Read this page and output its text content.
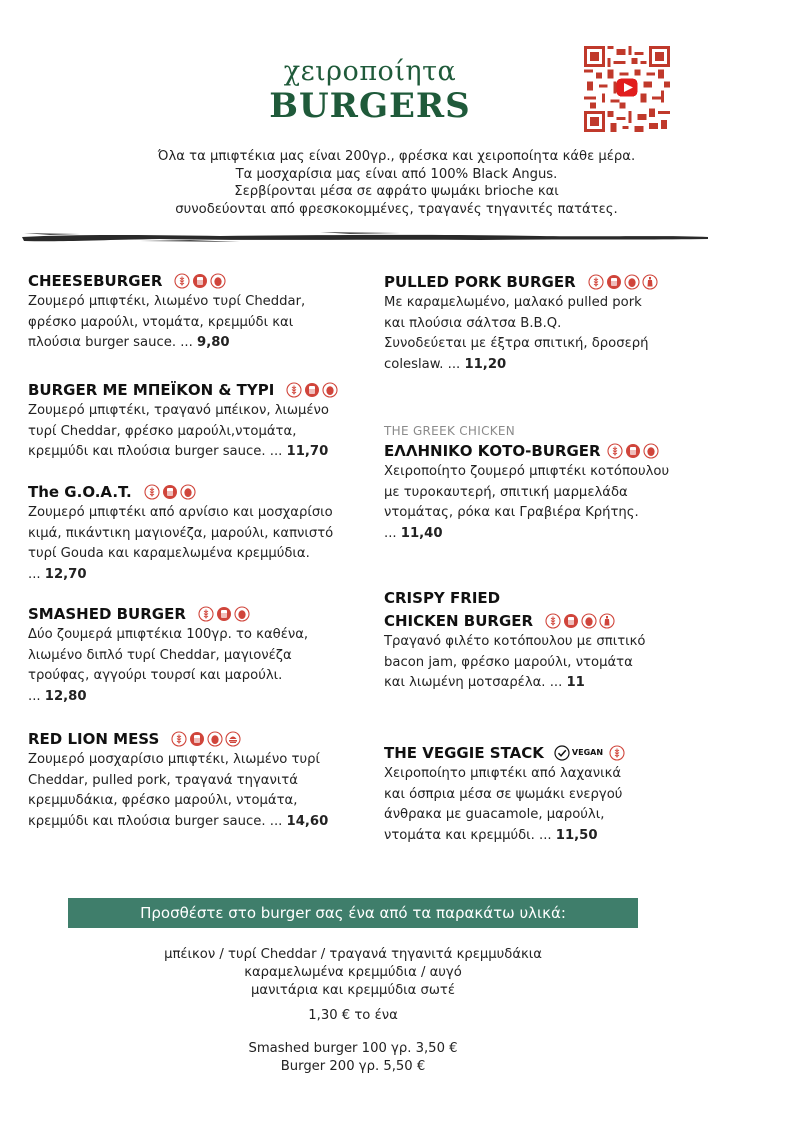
χειροποίητα
BURGERS
Όλα τα μπιφτέκια μας είναι 200γρ., φρέσκα και χειροποίητα κάθε μέρα.
Τα μοσχαρίσια μας είναι από 100% Black Angus.
Σερβίρονται μέσα σε αφράτο ψωμάκι brioche και
συνοδεύονται από φρεσκοκομμένες, τραγανές τηγανιτές πατάτες.
CHEESEBURGER
Ζουμερό μπιφτέκι, λιωμένο τυρί Cheddar,
φρέσκο μαρούλι, ντομάτα, κρεμμύδι και
πλούσια burger sauce. ... 9,80
BURGER ΜΕ ΜΠΕΪΚΟΝ & ΤΥΡΙ
Ζουμερό μπιφτέκι, τραγανό μπέικον, λιωμένο
τυρί Cheddar, φρέσκο μαρούλι,ντομάτα,
κρεμμύδι και πλούσια burger sauce. ... 11,70
The G.O.A.T.
Ζουμερό μπιφτέκι από αρνίσιο και μοσχαρίσιο
κιμά, πικάντικη μαγιονέζα, μαρούλι, καπνιστό
τυρί Gouda και καραμελωμένα κρεμμύδια.
... 12,70
SMASHED BURGER
Δύο ζουμερά μπιφτέκια 100γρ. το καθένα,
λιωμένο διπλό τυρί Cheddar, μαγιονέζα
τρούφας, αγγούρι τουρσί και μαρούλι.
... 12,80
RED LION MESS
Ζουμερό μοσχαρίσιο μπιφτέκι, λιωμένο τυρί
Cheddar, pulled pork, τραγανά τηγανιτά
κρεμμυδάκια, φρέσκο μαρούλι, ντομάτα,
κρεμμύδι και πλούσια burger sauce. ... 14,60
PULLED PORK BURGER
Με καραμελωμένο, μαλακό pulled pork
και πλούσια σάλτσα B.B.Q.
Συνοδεύεται με έξτρα σπιτική, δροσερή
coleslaw. ... 11,20
THE GREEK CHICKEN
ΕΛΛΗΝΙΚΟ ΚΟΤΟ-BURGER
Χειροποίητο ζουμερό μπιφτέκι κοτόπουλου
με τυροκαυτερή, σπιτική μαρμελάδα
ντομάτας, ρόκα και Γραβιέρα Κρήτης.
... 11,40
CRISPY FRIED
CHICKEN BURGER
Τραγανό φιλέτο κοτόπουλου με σπιτικό
bacon jam, φρέσκο μαρούλι, ντομάτα
και λιωμένη μοτσαρέλα. ... 11
THE VEGGIE STACK	VEGAN
Χειροποίητο μπιφτέκι από λαχανικά
και όσπρια μέσα σε ψωμάκι ενεργού
άνθρακα με guacamole, μαρούλι,
ντομάτα και κρεμμύδι. ... 11,50
Προσθέστε στο burger σας ένα από τα παρακάτω υλικά:
μπέικον / τυρί Cheddar / τραγανά τηγανιτά κρεμμυδάκια
καραμελωμένα κρεμμύδια / αυγό
μανιτάρια και κρεμμύδια σωτέ
1,30 € το ένα
Smashed burger 100 γρ. 3,50 €
Burger 200 γρ. 5,50 €
